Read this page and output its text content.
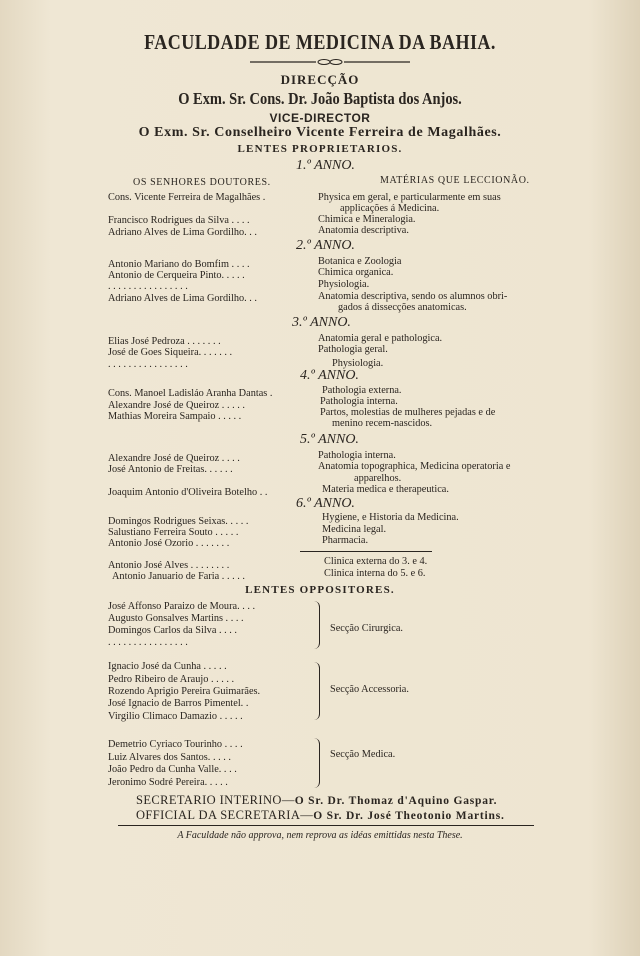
FACULDADE DE MEDICINA DA BAHIA.
DIRECÇÃO
O Exm. Sr. Cons. Dr. João Baptista dos Anjos.
VICE-DIRECTOR
O Exm. Sr. Conselheiro Vicente Ferreira de Magalhães.
LENTES PROPRIETARIOS.
1.º ANNO.
OS SENHORES DOUTORES.	MATÉRIAS QUE LECCIONÃO.
Cons. Vicente Ferreira de Magalhães .	Physica em geral, e particularmente em suas
applicações á Medicina.
Francisco Rodrigues da Silva . . . .	Chimica e Mineralogia.
Adriano Alves de Lima Gordilho. . .	Anatomia descriptiva.
2.º ANNO.
Antonio Mariano do Bomfim . . . .	Botanica e Zoologia
Antonio de Cerqueira Pinto. . . . .	Chimica organica.
. . . . . . . . . . . . . . . .	Physiologia.
Adriano Alves de Lima Gordilho. . .	Anatomia descriptiva, sendo os alumnos obri-
gados á dissecções anatomicas.
3.º ANNO.
Elias José Pedroza . . . . . . .	Anatomia geral e pathologica.
José de Goes Siqueira. . . . . . .	Pathologia geral.
. . . . . . . . . . . . . . . .	Physiologia.
4.º ANNO.
Cons. Manoel Ladisláo Aranha Dantas .	Pathologia externa.
Alexandre José de Queiroz . . . . .	Pathologia interna.
Mathias Moreira Sampaio . . . . .	Partos, molestias de mulheres pejadas e de
menino recem-nascidos.
5.º ANNO.
Alexandre José de Queiroz . . . .	Pathologia interna.
José Antonio de Freitas. . . . . .	Anatomia topographica, Medicina operatoria e
apparelhos.
Joaquim Antonio d'Oliveira Botelho . .	Materia medica e therapeutica.
6.º ANNO.
Domingos Rodrigues Seixas. . . . .	Hygiene, e Historia da Medicina.
Salustiano Ferreira Souto . . . . .	Medicina legal.
Antonio José Ozorio . . . . . . .	Pharmacia.
Antonio José Alves . . . . . . . .	Clinica externa do 3. e 4.
Antonio Januario de Faria . . . . .	Clinica interna do 5. e 6.
LENTES OPPOSITORES.
José Affonso Paraizo de Moura. . . .
Augusto Gonsalves Martins . . . .
Domingos Carlos da Silva . . . .
. . . . . . . . . . . . . . . .
Secção Cirurgica.
Ignacio José da Cunha . . . . .
Pedro Ribeiro de Araujo . . . . .
Rozendo Aprigio Pereira Guimarães.
José Ignacio de Barros Pimentel. .
Virgilio Climaco Damazio . . . . .
Secção Accessoria.
Demetrio Cyriaco Tourinho . . . .
Luiz Alvares dos Santos. . . . .
João Pedro da Cunha Valle. . . .
Jeronimo Sodré Pereira. . . . .
Secção Medica.
SECRETARIO INTERINO—O Sr. Dr. Thomaz d'Aquino Gaspar.
OFFICIAL DA SECRETARIA—O Sr. Dr. José Theotonio Martins.
A Faculdade não approva, nem reprova as idéas emittidas nesta These.
